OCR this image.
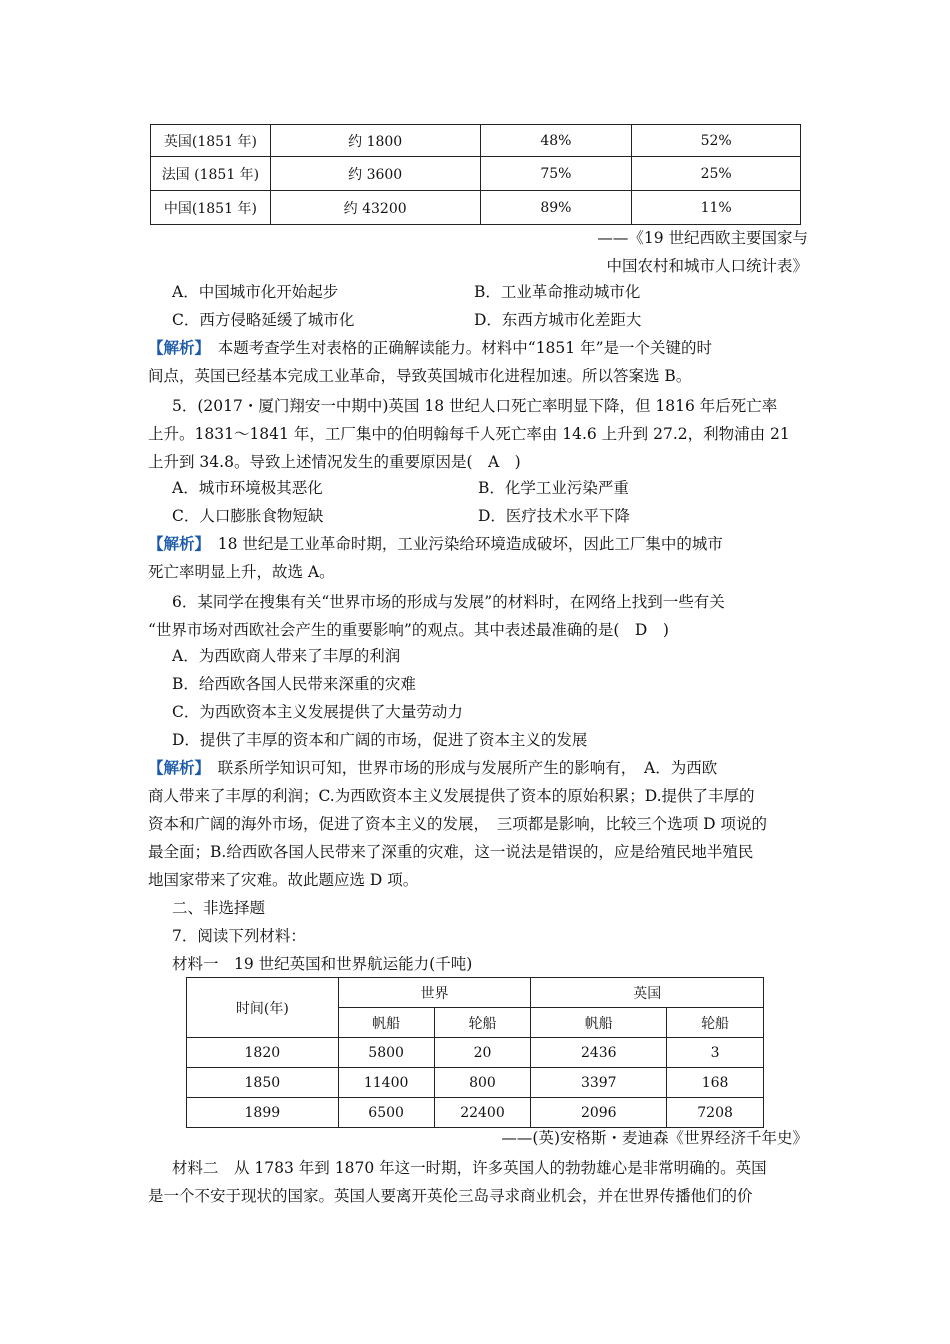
英国(1851 年)	约 1800	48%	52%
法国 (1851 年)	约 3600	75%	25%
中国(1851 年)	约 43200	89%	11%
——《19 世纪西欧主要国家与
中国农村和城市人口统计表》
A．中国城市化开始起步	B．工业革命推动城市化
C．西方侵略延缓了城市化	D．东西方城市化差距大
【解析】　本题考查学生对表格的正确解读能力。材料中“1851 年”是一个关键的时
间点，英国已经基本完成工业革命，导致英国城市化进程加速。所以答案选 B。
5．(2017・厦门翔安一中期中)英国 18 世纪人口死亡率明显下降，但 1816 年后死亡率
上升。1831～1841 年，工厂集中的伯明翰每千人死亡率由 14.6 上升到 27.2，利物浦由 21
上升到 34.8。导致上述情况发生的重要原因是(　A　)
A．城市环境极其恶化	B．化学工业污染严重
C．人口膨胀食物短缺	D．医疗技术水平下降
【解析】　18 世纪是工业革命时期，工业污染给环境造成破坏，因此工厂集中的城市
死亡率明显上升，故选 A。
6．某同学在搜集有关“世界市场的形成与发展”的材料时，在网络上找到一些有关
“世界市场对西欧社会产生的重要影响”的观点。其中表述最准确的是(　D　)
A．为西欧商人带来了丰厚的利润
B．给西欧各国人民带来深重的灾难
C．为西欧资本主义发展提供了大量劳动力
D．提供了丰厚的资本和广阔的市场，促进了资本主义的发展
【解析】　联系所学知识可知，世界市场的形成与发展所产生的影响有，　A．为西欧
商人带来了丰厚的利润；C.为西欧资本主义发展提供了资本的原始积累；D.提供了丰厚的
资本和广阔的海外市场，促进了资本主义的发展，　三项都是影响，比较三个选项 D 项说的
最全面；B.给西欧各国人民带来了深重的灾难，这一说法是错误的，应是给殖民地半殖民
地国家带来了灾难。故此题应选 D 项。
二、非选择题
7．阅读下列材料：
材料一　19 世纪英国和世界航运能力(千吨)
时间(年)	世界		英国	
	帆船	轮船	帆船	轮船
1820	5800	20	2436	3
1850	11400	800	3397	168
1899	6500	22400	2096	7208
——(英)安格斯・麦迪森《世界经济千年史》
材料二　从 1783 年到 1870 年这一时期，许多英国人的勃勃雄心是非常明确的。英国
是一个不安于现状的国家。英国人要离开英伦三岛寻求商业机会，并在世界传播他们的价
